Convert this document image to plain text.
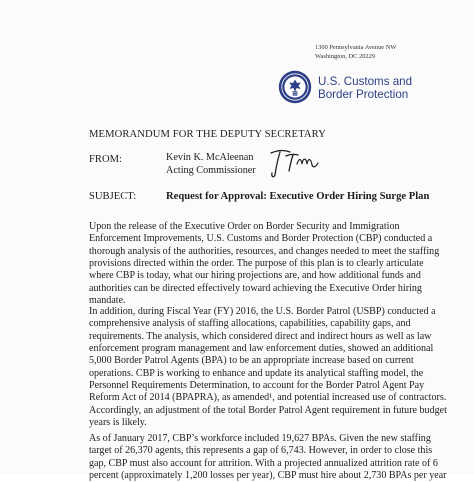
1300 Pennsylvania Avenue NW
Washington, DC 20229
U.S. Customs and
Border Protection
MEMORANDUM FOR THE DEPUTY SECRETARY
FROM:	Kevin K. McAleenan
Acting Commissioner
SUBJECT:	Request for Approval: Executive Order Hiring Surge Plan
Upon the release of the Executive Order on Border Security and Immigration
Enforcement Improvements, U.S. Customs and Border Protection (CBP) conducted a
thorough analysis of the authorities, resources, and changes needed to meet the staffing
provisions directed within the order. The purpose of this plan is to clearly articulate
where CBP is today, what our hiring projections are, and how additional funds and
authorities can be directed effectively toward achieving the Executive Order hiring
mandate.
In addition, during Fiscal Year (FY) 2016, the U.S. Border Patrol (USBP) conducted a
comprehensive analysis of staffing allocations, capabilities, capability gaps, and
requirements. The analysis, which considered direct and indirect hours as well as law
enforcement program management and law enforcement duties, showed an additional
5,000 Border Patrol Agents (BPA) to be an appropriate increase based on current
operations. CBP is working to enhance and update its analytical staffing model, the
Personnel Requirements Determination, to account for the Border Patrol Agent Pay
Reform Act of 2014 (BPAPRA), as amended¹, and potential increased use of contractors.
Accordingly, an adjustment of the total Border Patrol Agent requirement in future budget
years is likely.
As of January 2017, CBP’s workforce included 19,627 BPAs. Given the new staffing
target of 26,370 agents, this represents a gap of 6,743. However, in order to close this
gap, CBP must also account for attrition. With a projected annualized attrition rate of 6
percent (approximately 1,200 losses per year), CBP must hire about 2,730 BPAs per year
